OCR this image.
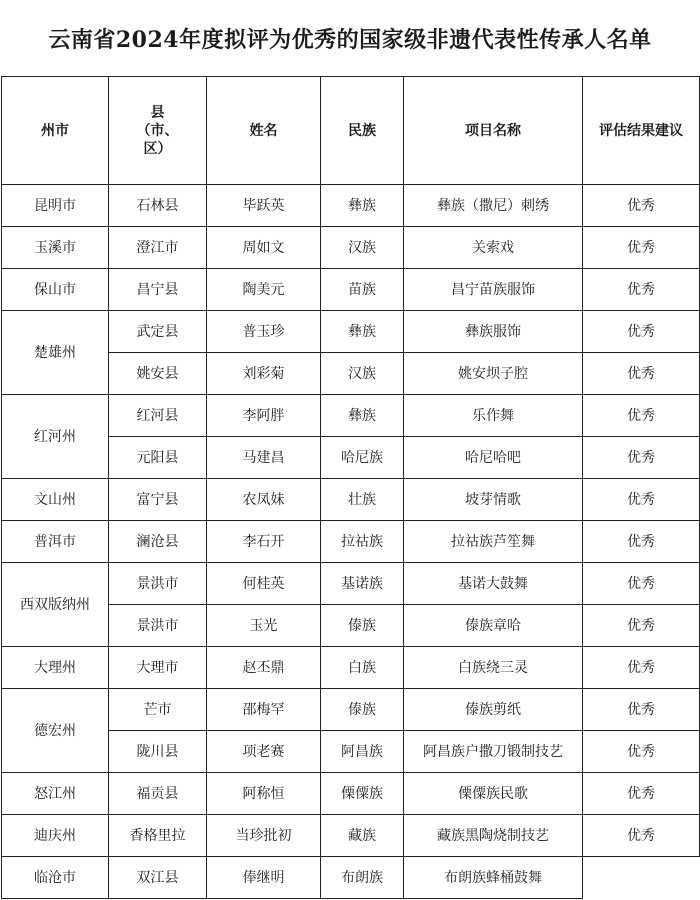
云南省2024年度拟评为优秀的国家级非遗代表性传承人名单
州市	县（市、区）	姓名	民族	项目名称	评估结果建议
昆明市	石林县	毕跃英	彝族	彝族（撒尼）刺绣	优秀
玉溪市	澄江市	周如文	汉族	关索戏	优秀
保山市	昌宁县	陶美元	苗族	昌宁苗族服饰	优秀
楚雄州	武定县	普玉珍	彝族	彝族服饰	优秀
	姚安县	刘彩菊	汉族	姚安坝子腔	优秀
红河州	红河县	李阿胖	彝族	乐作舞	优秀
	元阳县	马建昌	哈尼族	哈尼哈吧	优秀
文山州	富宁县	农凤妹	壮族	坡芽情歌	优秀
普洱市	澜沧县	李石开	拉祜族	拉祜族芦笙舞	优秀
西双版纳州	景洪市	何桂英	基诺族	基诺大鼓舞	优秀
	景洪市	玉光	傣族	傣族章哈	优秀
大理州	大理市	赵丕鼎	白族	白族绕三灵	优秀
德宏州	芒市	邵梅罕	傣族	傣族剪纸	优秀
	陇川县	项老赛	阿昌族	阿昌族户撒刀锻制技艺	优秀
怒江州	福贡县	阿称恒	傈僳族	傈僳族民歌	优秀
迪庆州	香格里拉	当珍批初	藏族	藏族黑陶烧制技艺	优秀
临沧市	双江县	俸继明	布朗族	布朗族蜂桶鼓舞	
